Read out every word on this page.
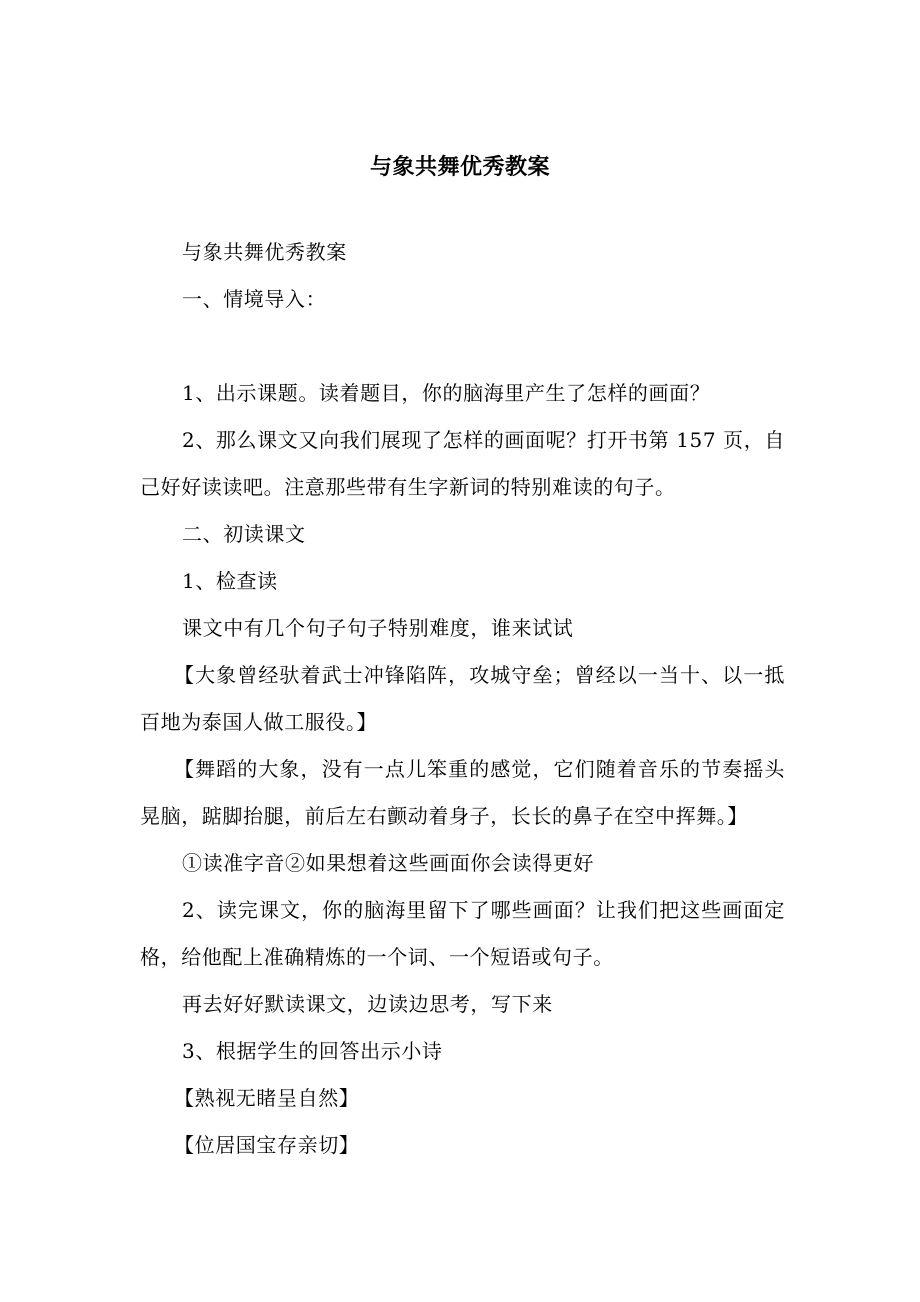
与象共舞优秀教案

与象共舞优秀教案

一、情境导入：

1、出示课题。读着题目，你的脑海里产生了怎样的画面？

2、那么课文又向我们展现了怎样的画面呢？打开书第 157 页，自己好好读读吧。注意那些带有生字新词的特别难读的句子。

二、初读课文

1、检查读

课文中有几个句子句子特别难度，谁来试试

【大象曾经驮着武士冲锋陷阵，攻城守垒；曾经以一当十、以一抵百地为泰国人做工服役。】

【舞蹈的大象，没有一点儿笨重的感觉，它们随着音乐的节奏摇头晃脑，踮脚抬腿，前后左右颤动着身子，长长的鼻子在空中挥舞。】

①读准字音②如果想着这些画面你会读得更好

2、读完课文，你的脑海里留下了哪些画面？让我们把这些画面定格，给他配上准确精炼的一个词、一个短语或句子。

再去好好默读课文，边读边思考，写下来

3、根据学生的回答出示小诗

【熟视无睹呈自然】

【位居国宝存亲切】
